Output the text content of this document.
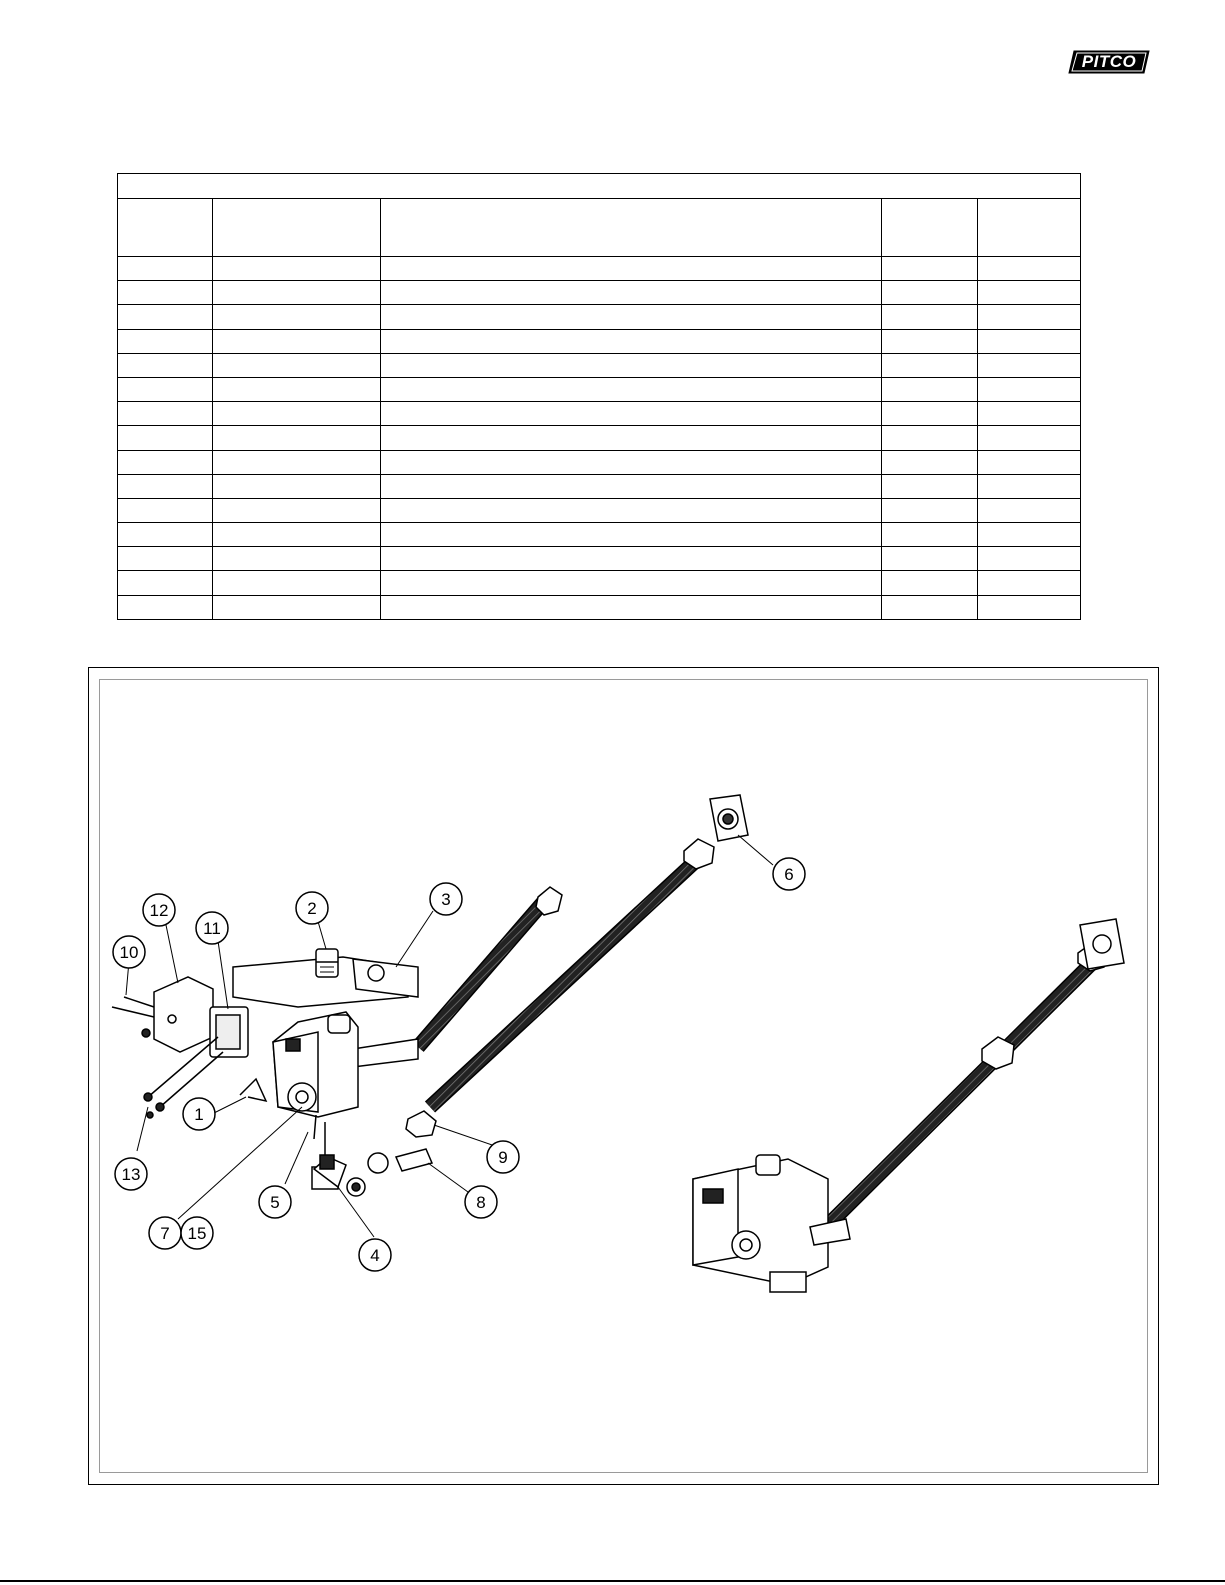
PITCO

1
2	3
4
5
6
7
8
9
10
11
12
13
15
